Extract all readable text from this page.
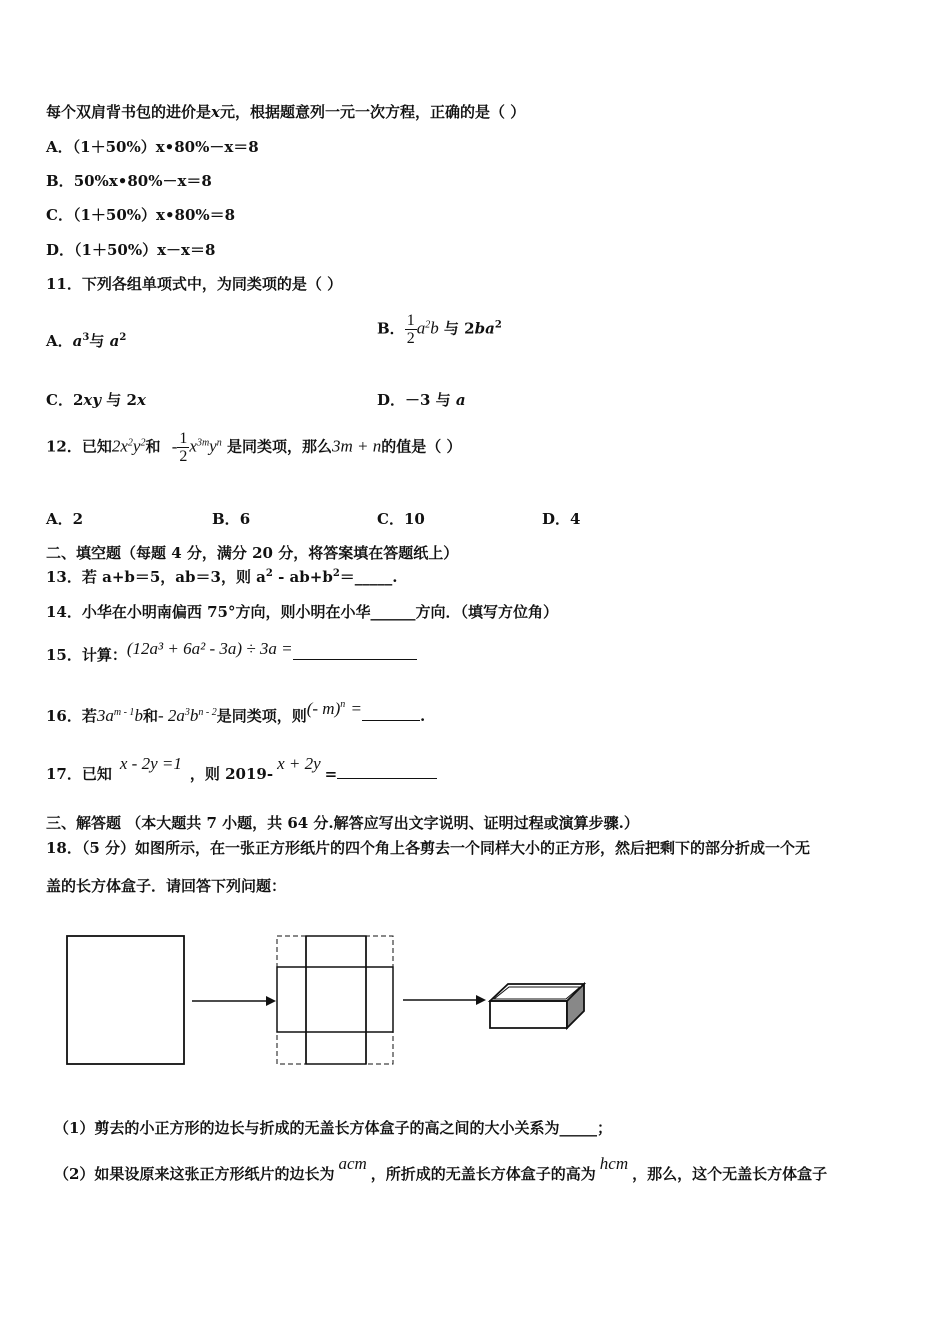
每个双肩背书包的进价是x元，根据题意列一元一次方程，正确的是（ ）
A．（1＋50%）x•80%－x＝8
B．50%x•80%－x＝8
C．（1＋50%）x•80%＝8
D．（1＋50%）x－x＝8
11．下列各组单项式中，为同类项的是（ ）
A．$a^3$与 $a^2$	B． $\frac{1}{2} a^2b$ 与 $2ba^2$
C．2xy 与 2x	D．－3 与 a
12．已知$2x^2y^2$和 - $\frac{1}{2} x^{3m}y^n$ 是同类项，那么3m + n的值是（ ）
A．2	B．6	C．10	D．4
二、填空题（每题 4 分，满分 20 分，将答案填在答题纸上）
13．若 a+b＝5，ab＝3，则 $a^2$ - $ab+b^2=\_\_\_\_\_$.
14．小华在小明南偏西 75°方向，则小明在小华______方向．（填写方位角）
15．计算：(12a³ + 6a² - 3a) ÷ 3a =
16．若$3a^{m - 1}b$和- $2a^3b^{n - 2}$是同类项，则(- m)$^n$ =	.
17．已知x - 2y =1，则 2019-x + 2y=
三、解答题 （本大题共 7 小题，共 64 分.解答应写出文字说明、证明过程或演算步骤.）
18．（5 分）如图所示，在一张正方形纸片的四个角上各剪去一个同样大小的正方形，然后把剩下的部分折成一个无
盖的长方体盒子．请回答下列问题：
（1）剪去的小正方形的边长与折成的无盖长方体盒子的高之间的大小关系为_____；
（2）如果设原来这张正方形纸片的边长为acm，所折成的无盖长方体盒子的高为hcm，那么，这个无盖长方体盒子
